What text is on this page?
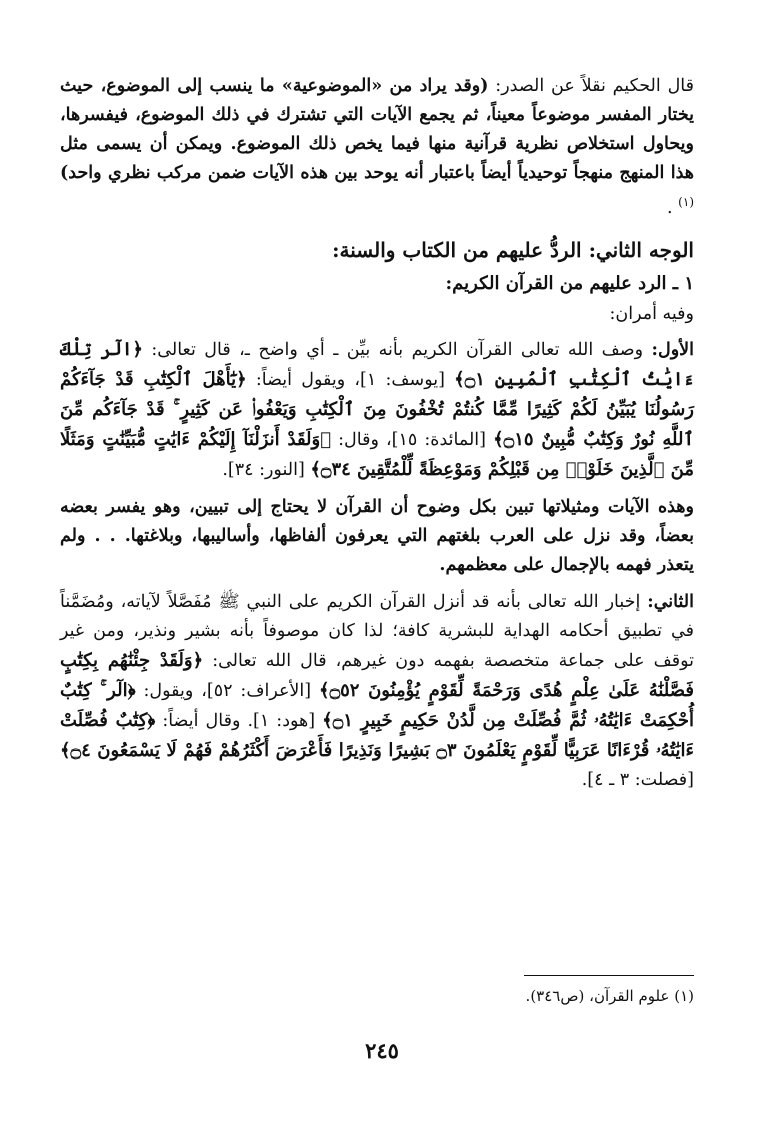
قال الحكيم نقلاً عن الصدر: (وقد يراد من «الموضوعية» ما ينسب إلى الموضوع، حيث يختار المفسر موضوعاً معيناً، ثم يجمع الآيات التي تشترك في ذلك الموضوع، فيفسرها، ويحاول استخلاص نظرية قرآنية منها فيما يخص ذلك الموضوع. ويمكن أن يسمى مثل هذا المنهج منهجاً توحيدياً أيضاً باعتبار أنه يوحد بين هذه الآيات ضمن مركب نظري واحد)$^{(١)}$ .

الوجه الثاني: الردُّ عليهم من الكتاب والسنة:

١ ـ الرد عليهم من القرآن الكريم:

وفيه أمران:

الأول: وصف الله تعالى القرآن الكريم بأنه بيِّن ـ أي واضح ـ، قال تعالى: ﴿الٓر تِلْكَ ءَايَٰتُ ٱلْكِتَٰبِ ٱلْمُبِينِ ۝١﴾ [يوسف: ١]، ويقول أيضاً: ﴿يَٰٓأَهْلَ ٱلْكِتَٰبِ قَدْ جَآءَكُمْ رَسُولُنَا يُبَيِّنُ لَكُمْ كَثِيرًا مِّمَّا كُنتُمْ تُخْفُونَ مِنَ ٱلْكِتَٰبِ وَيَعْفُوا۟ عَن كَثِيرٍ ۚ قَدْ جَآءَكُم مِّنَ ٱللَّهِ نُورٌ وَكِتَٰبٌ مُّبِينٌ ۝١٥﴾ [المائدة: ١٥]، وقال: ﴿وَلَقَدْ أَنزَلْنَآ إِلَيْكُمْ ءَايَٰتٍ مُّبَيِّنَٰتٍ وَمَثَلًا مِّنَ ٱلَّذِينَ خَلَوْا۟ مِن قَبْلِكُمْ وَمَوْعِظَةً لِّلْمُتَّقِينَ ۝٣٤﴾ [النور: ٣٤].

وهذه الآيات ومثيلاتها تبين بكل وضوح أن القرآن لا يحتاج إلى تبيين، وهو يفسر بعضه بعضاً، وقد نزل على العرب بلغتهم التي يعرفون ألفاظها، وأساليبها، وبلاغتها. . . ولم يتعذر فهمه بالإجمال على معظمهم.

الثاني: إخبار الله تعالى بأنه قد أنزل القرآن الكريم على النبي ﷺ مُفَصَّلاً لآياته، ومُضَمَّناً في تطبيق أحكامه الهداية للبشرية كافة؛ لذا كان موصوفاً بأنه بشير ونذير، ومن غير توقف على جماعة متخصصة بفهمه دون غيرهم، قال الله تعالى: ﴿وَلَقَدْ جِئْنَٰهُم بِكِتَٰبٍ فَصَّلْنَٰهُ عَلَىٰ عِلْمٍ هُدًى وَرَحْمَةً لِّقَوْمٍ يُؤْمِنُونَ ۝٥٢﴾ [الأعراف: ٥٢]، ويقول: ﴿الٓر ۚ كِتَٰبٌ أُحْكِمَتْ ءَايَٰتُهُۥ ثُمَّ فُصِّلَتْ مِن لَّدُنْ حَكِيمٍ خَبِيرٍ ۝١﴾ [هود: ١]. وقال أيضاً: ﴿كِتَٰبٌ فُصِّلَتْ ءَايَٰتُهُۥ قُرْءَانًا عَرَبِيًّا لِّقَوْمٍ يَعْلَمُونَ ۝٣ بَشِيرًا وَنَذِيرًا فَأَعْرَضَ أَكْثَرُهُمْ فَهُمْ لَا يَسْمَعُونَ ۝٤﴾ [فصلت: ٣ ـ ٤].

(١) علوم القرآن، (ص٣٤٦).

٢٤٥
